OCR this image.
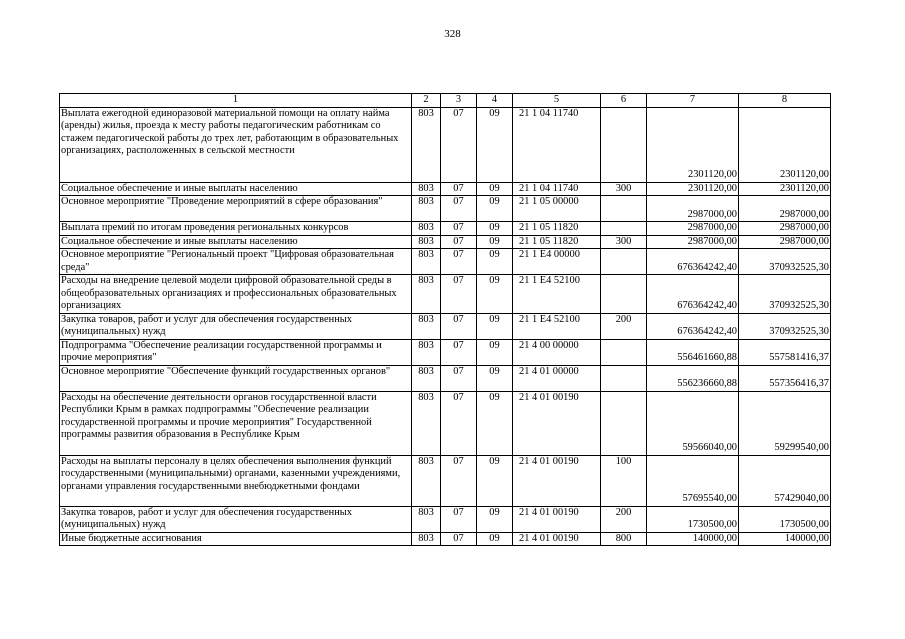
328
1	2	3	4	5	6	7	8
Выплата ежегодной единоразовой материальной помощи на оплату найма (аренды) жилья, проезда к месту работы педагогическим работникам со стажем педагогической работы до трех лет, работающим в образовательных организациях, расположенных в сельской местности	803	07	09	21 1 04 11740		2301120,00	2301120,00
Социальное обеспечение и иные выплаты населению	803	07	09	21 1 04 11740	300	2301120,00	2301120,00
Основное мероприятие "Проведение мероприятий в сфере образования"	803	07	09	21 1 05 00000		2987000,00	2987000,00
Выплата премий по итогам проведения региональных конкурсов	803	07	09	21 1 05 11820		2987000,00	2987000,00
Социальное обеспечение и иные выплаты населению	803	07	09	21 1 05 11820	300	2987000,00	2987000,00
Основное мероприятие "Региональный проект "Цифровая образовательная среда"	803	07	09	21 1 E4 00000		676364242,40	370932525,30
Расходы на внедрение целевой модели цифровой образовательной среды в общеобразовательных организациях и профессиональных образовательных организациях	803	07	09	21 1 E4 52100		676364242,40	370932525,30
Закупка товаров, работ и услуг для обеспечения государственных (муниципальных) нужд	803	07	09	21 1 E4 52100	200	676364242,40	370932525,30
Подпрограмма "Обеспечение реализации государственной программы и прочие мероприятия"	803	07	09	21 4 00 00000		556461660,88	557581416,37
Основное мероприятие "Обеспечение функций государственных органов"	803	07	09	21 4 01 00000		556236660,88	557356416,37
Расходы на обеспечение деятельности органов государственной власти Республики Крым в рамках подпрограммы "Обеспечение реализации государственной программы и прочие мероприятия" Государственной программы развития образования в Республике Крым	803	07	09	21 4 01 00190		59566040,00	59299540,00
Расходы на выплаты персоналу в целях обеспечения выполнения функций государственными (муниципальными) органами, казенными учреждениями, органами управления государственными внебюджетными фондами	803	07	09	21 4 01 00190	100	57695540,00	57429040,00
Закупка товаров, работ и услуг для обеспечения государственных (муниципальных) нужд	803	07	09	21 4 01 00190	200	1730500,00	1730500,00
Иные бюджетные ассигнования	803	07	09	21 4 01 00190	800	140000,00	140000,00
